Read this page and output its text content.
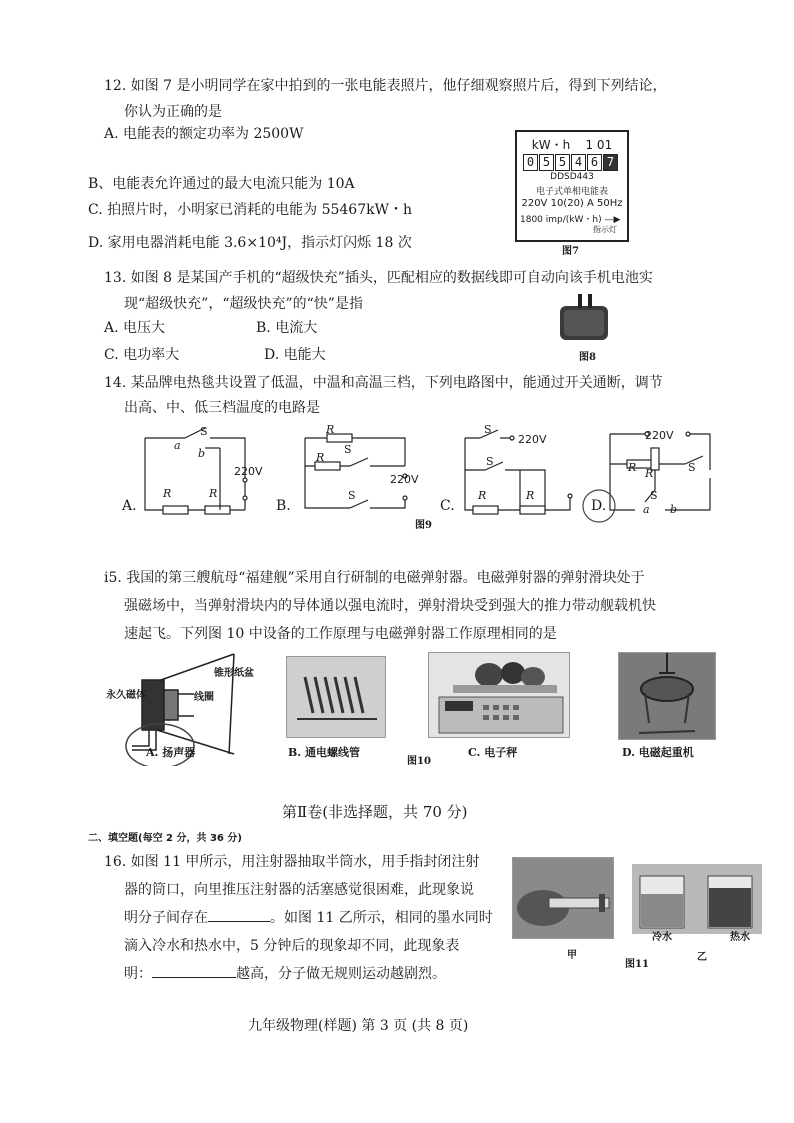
12. 如图 7 是小明同学在家中拍到的一张电能表照片，他仔细观察照片后，得到下列结论，
你认为正确的是
A. 电能表的额定功率为 2500W
B、电能表允许通过的最大电流只能为 10A
C. 拍照片时，小明家已消耗的电能为 55467kW・h
D. 家用电器消耗电能 3.6×10⁴J，指示灯闪烁 18 次
kW・h 1 01
0 5 5 4 6 7
DDSD443
电子式单相电能表
220V 10(20) A 50Hz
1800 imp/(kW・h) —▶
指示灯
图7
13. 如图 8 是某国产手机的“超级快充”插头，匹配相应的数据线即可自动向该手机电池实
现“超级快充”，“超级快充”的“快”是指
A. 电压大	B. 电流大
C. 电功率大	D. 电能大	图8
14. 某品牌电热毯共设置了低温，中温和高温三档，下列电路图中，能通过开关通断，调节
出高、中、低三档温度的电路是
A.
S
a
b
220V
R	R
B.
R
R
S
S
220V
C.
S
220V
S
R	R
D.
220V
R R	S
S
a b
图9
i5. 我国的第三艘航母“福建舰”采用自行研制的电磁弹射器。电磁弹射器的弹射滑块处于
强磁场中，当弹射滑块内的导体通以强电流时，弹射滑块受到强大的推力带动舰载机快
速起飞。下列图 10 中设备的工作原理与电磁弹射器工作原理相同的是
永久磁体
锥形纸盆
线圈
A. 扬声器	B. 通电螺线管	C. 电子秤
图10
D. 电磁起重机
第Ⅱ卷(非选择题，共 70 分)
二、填空题(每空 2 分，共 36 分)
16. 如图 11 甲所示，用注射器抽取半筒水，用手指封闭注射
器的筒口，向里推压注射器的活塞感觉很困难，此现象说
明分子间存在	。如图 11 乙所示，相同的墨水同时
滴入冷水和热水中，5 分钟后的现象却不同，此现象表
明：	越高，分子做无规则运动越剧烈。
甲
冷水	热水
图11
乙
九年级物理(样题) 第 3 页 (共 8 页)
